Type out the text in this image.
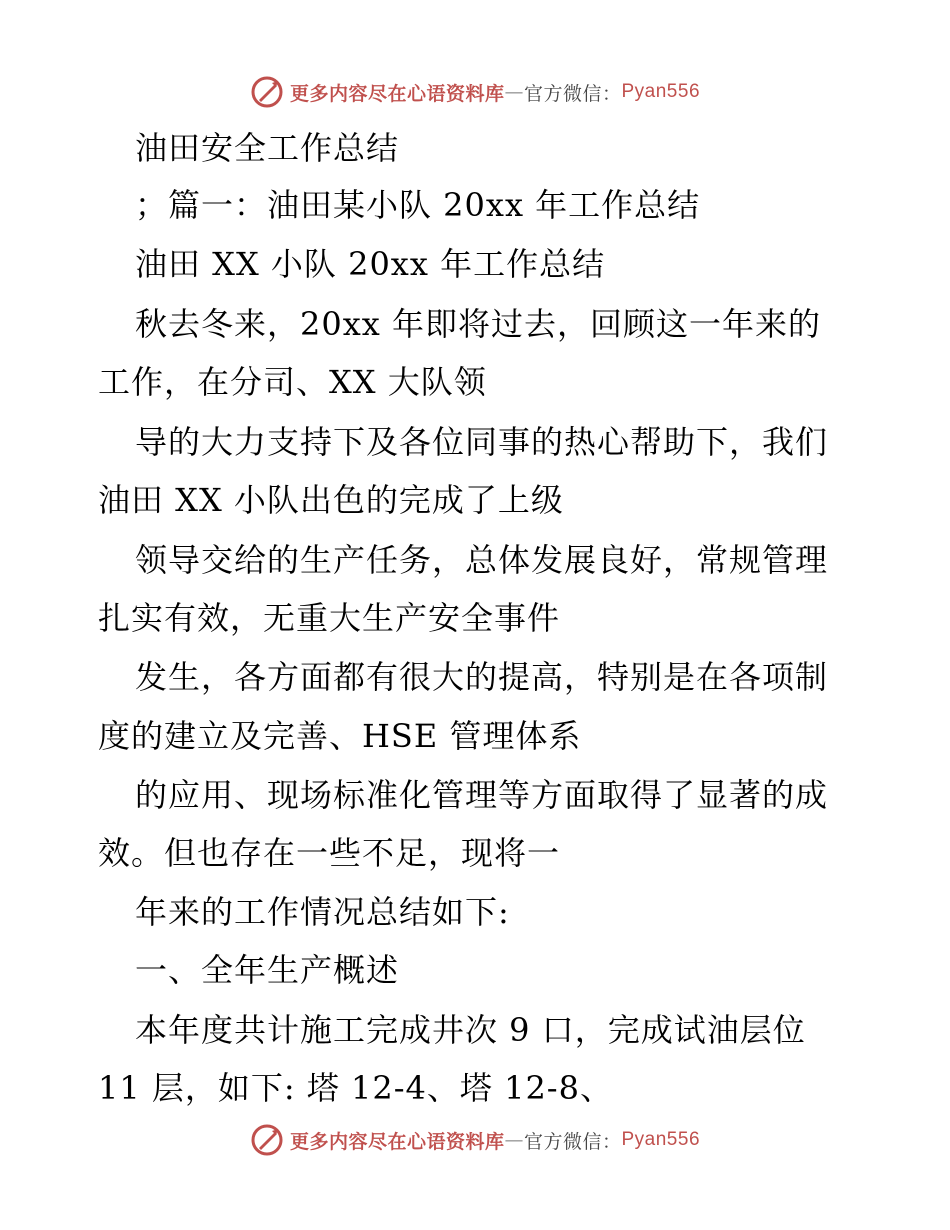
更多内容尽在心语资料库 — 官方微信： Pyan556
油田安全工作总结
；篇一：油田某小队 20xx 年工作总结
油田 XX 小队 20xx 年工作总结
秋去冬来，20xx 年即将过去，回顾这一年来的
工作，在分司、XX 大队领
导的大力支持下及各位同事的热心帮助下，我们
油田 XX 小队出色的完成了上级
领导交给的生产任务，总体发展良好，常规管理
扎实有效，无重大生产安全事件
发生，各方面都有很大的提高，特别是在各项制
度的建立及完善、HSE 管理体系
的应用、现场标准化管理等方面取得了显著的成
效。但也存在一些不足，现将一
年来的工作情况总结如下:
一、全年生产概述
本年度共计施工完成井次 9 口，完成试油层位
11 层，如下: 塔 12-4、塔 12-8、
更多内容尽在心语资料库 — 官方微信： Pyan556
